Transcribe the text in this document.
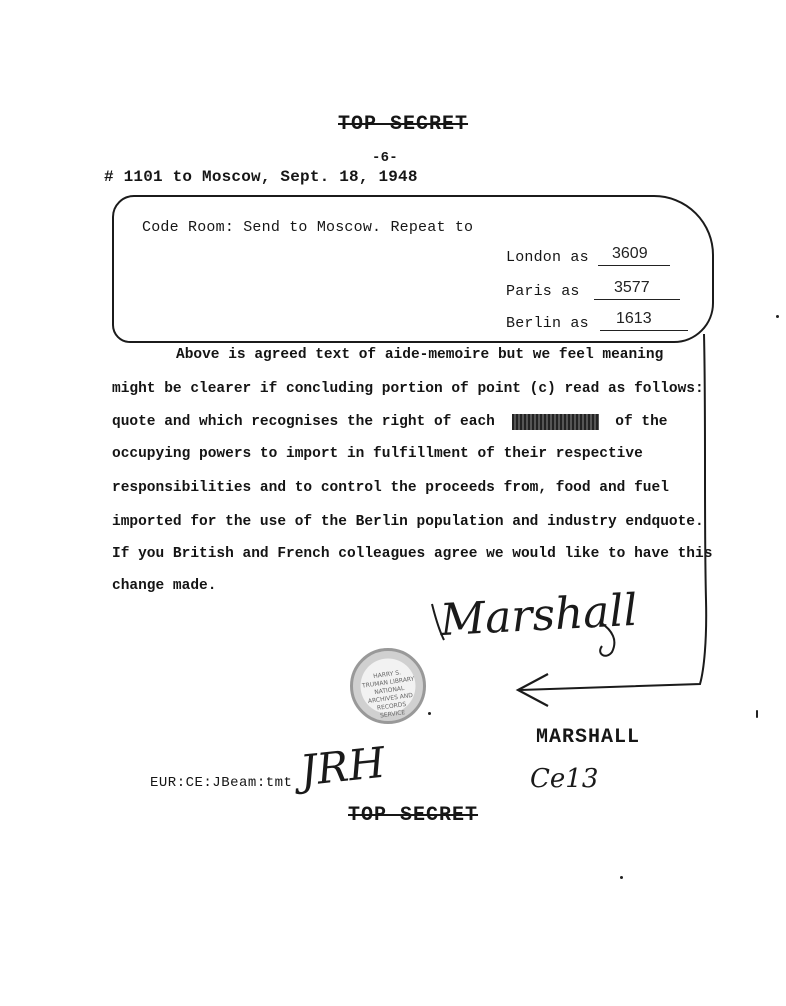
TOP SECRET
-6-
# 1101 to Moscow, Sept. 18, 1948
Code Room: Send to Moscow. Repeat to
London as 3609
Paris as 3577
Berlin as 1613
Above is agreed text of aide-memoire but we feel meaning
might be clearer if concluding portion of point (c) read as follows:
quote and which recognises the right of each	of the
occupying powers to import in fulfillment of their respective
responsibilities and to control the proceeds from, food and fuel
imported for the use of the Berlin population and industry endquote.
If you British and French colleagues agree we would like to have this
change made.	Marshall
HARRY S. TRUMAN LIBRARY NATIONAL ARCHIVES AND RECORDS SERVICE
MARSHALL
Ce13
EUR:CE:JBeam:tmt JRH
TOP SECRET
